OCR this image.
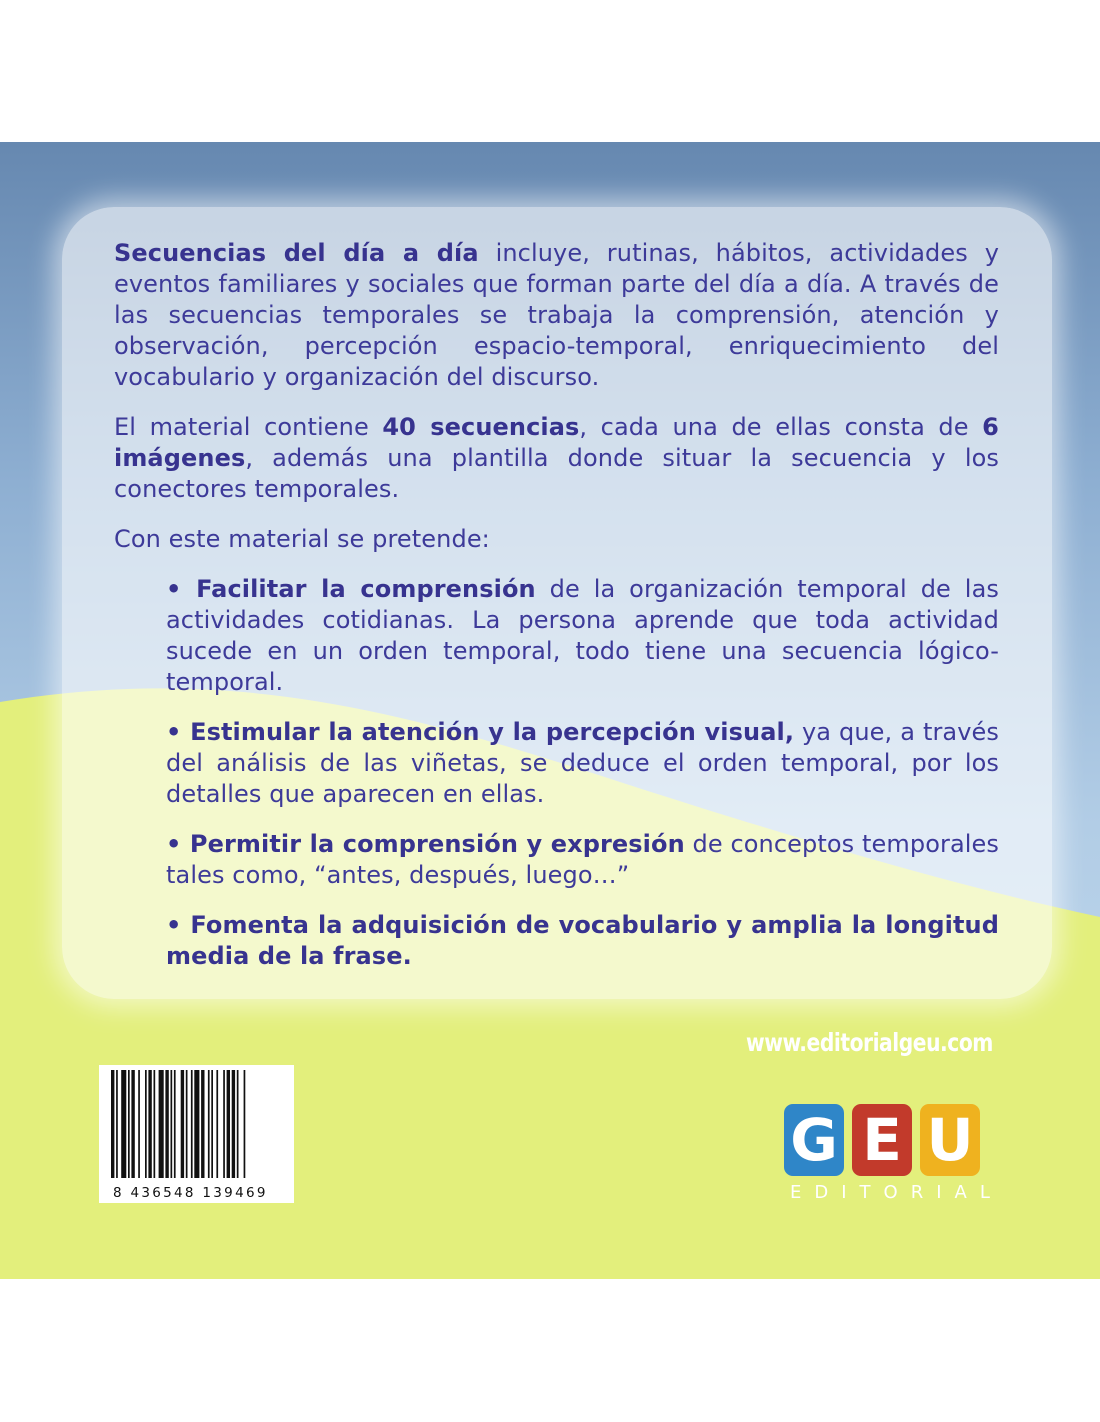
Secuencias del día a día incluye, rutinas, hábitos, actividades y eventos familiares y sociales que forman parte del día a día. A través de las secuencias temporales se trabaja la comprensión, atención y observación, percepción espacio-temporal, enriquecimiento del vocabulario y organización del discurso.

El material contiene 40 secuencias, cada una de ellas consta de 6 imágenes, además una plantilla donde situar la secuencia y los conectores temporales.

Con este material se pretende:

• Facilitar la comprensión de la organización temporal de las actividades cotidianas. La persona aprende que toda actividad sucede en un orden temporal, todo tiene una secuencia lógico-temporal.

• Estimular la atención y la percepción visual, ya que, a través del análisis de las viñetas, se deduce el orden temporal, por los detalles que aparecen en ellas.

• Permitir la comprensión y expresión de conceptos temporales tales como, “antes, después, luego…”

• Fomenta la adquisición de vocabulario y amplia la longitud media de la frase.

www.editorialgeu.com
8 436548 139469
G E U
EDITORIAL
